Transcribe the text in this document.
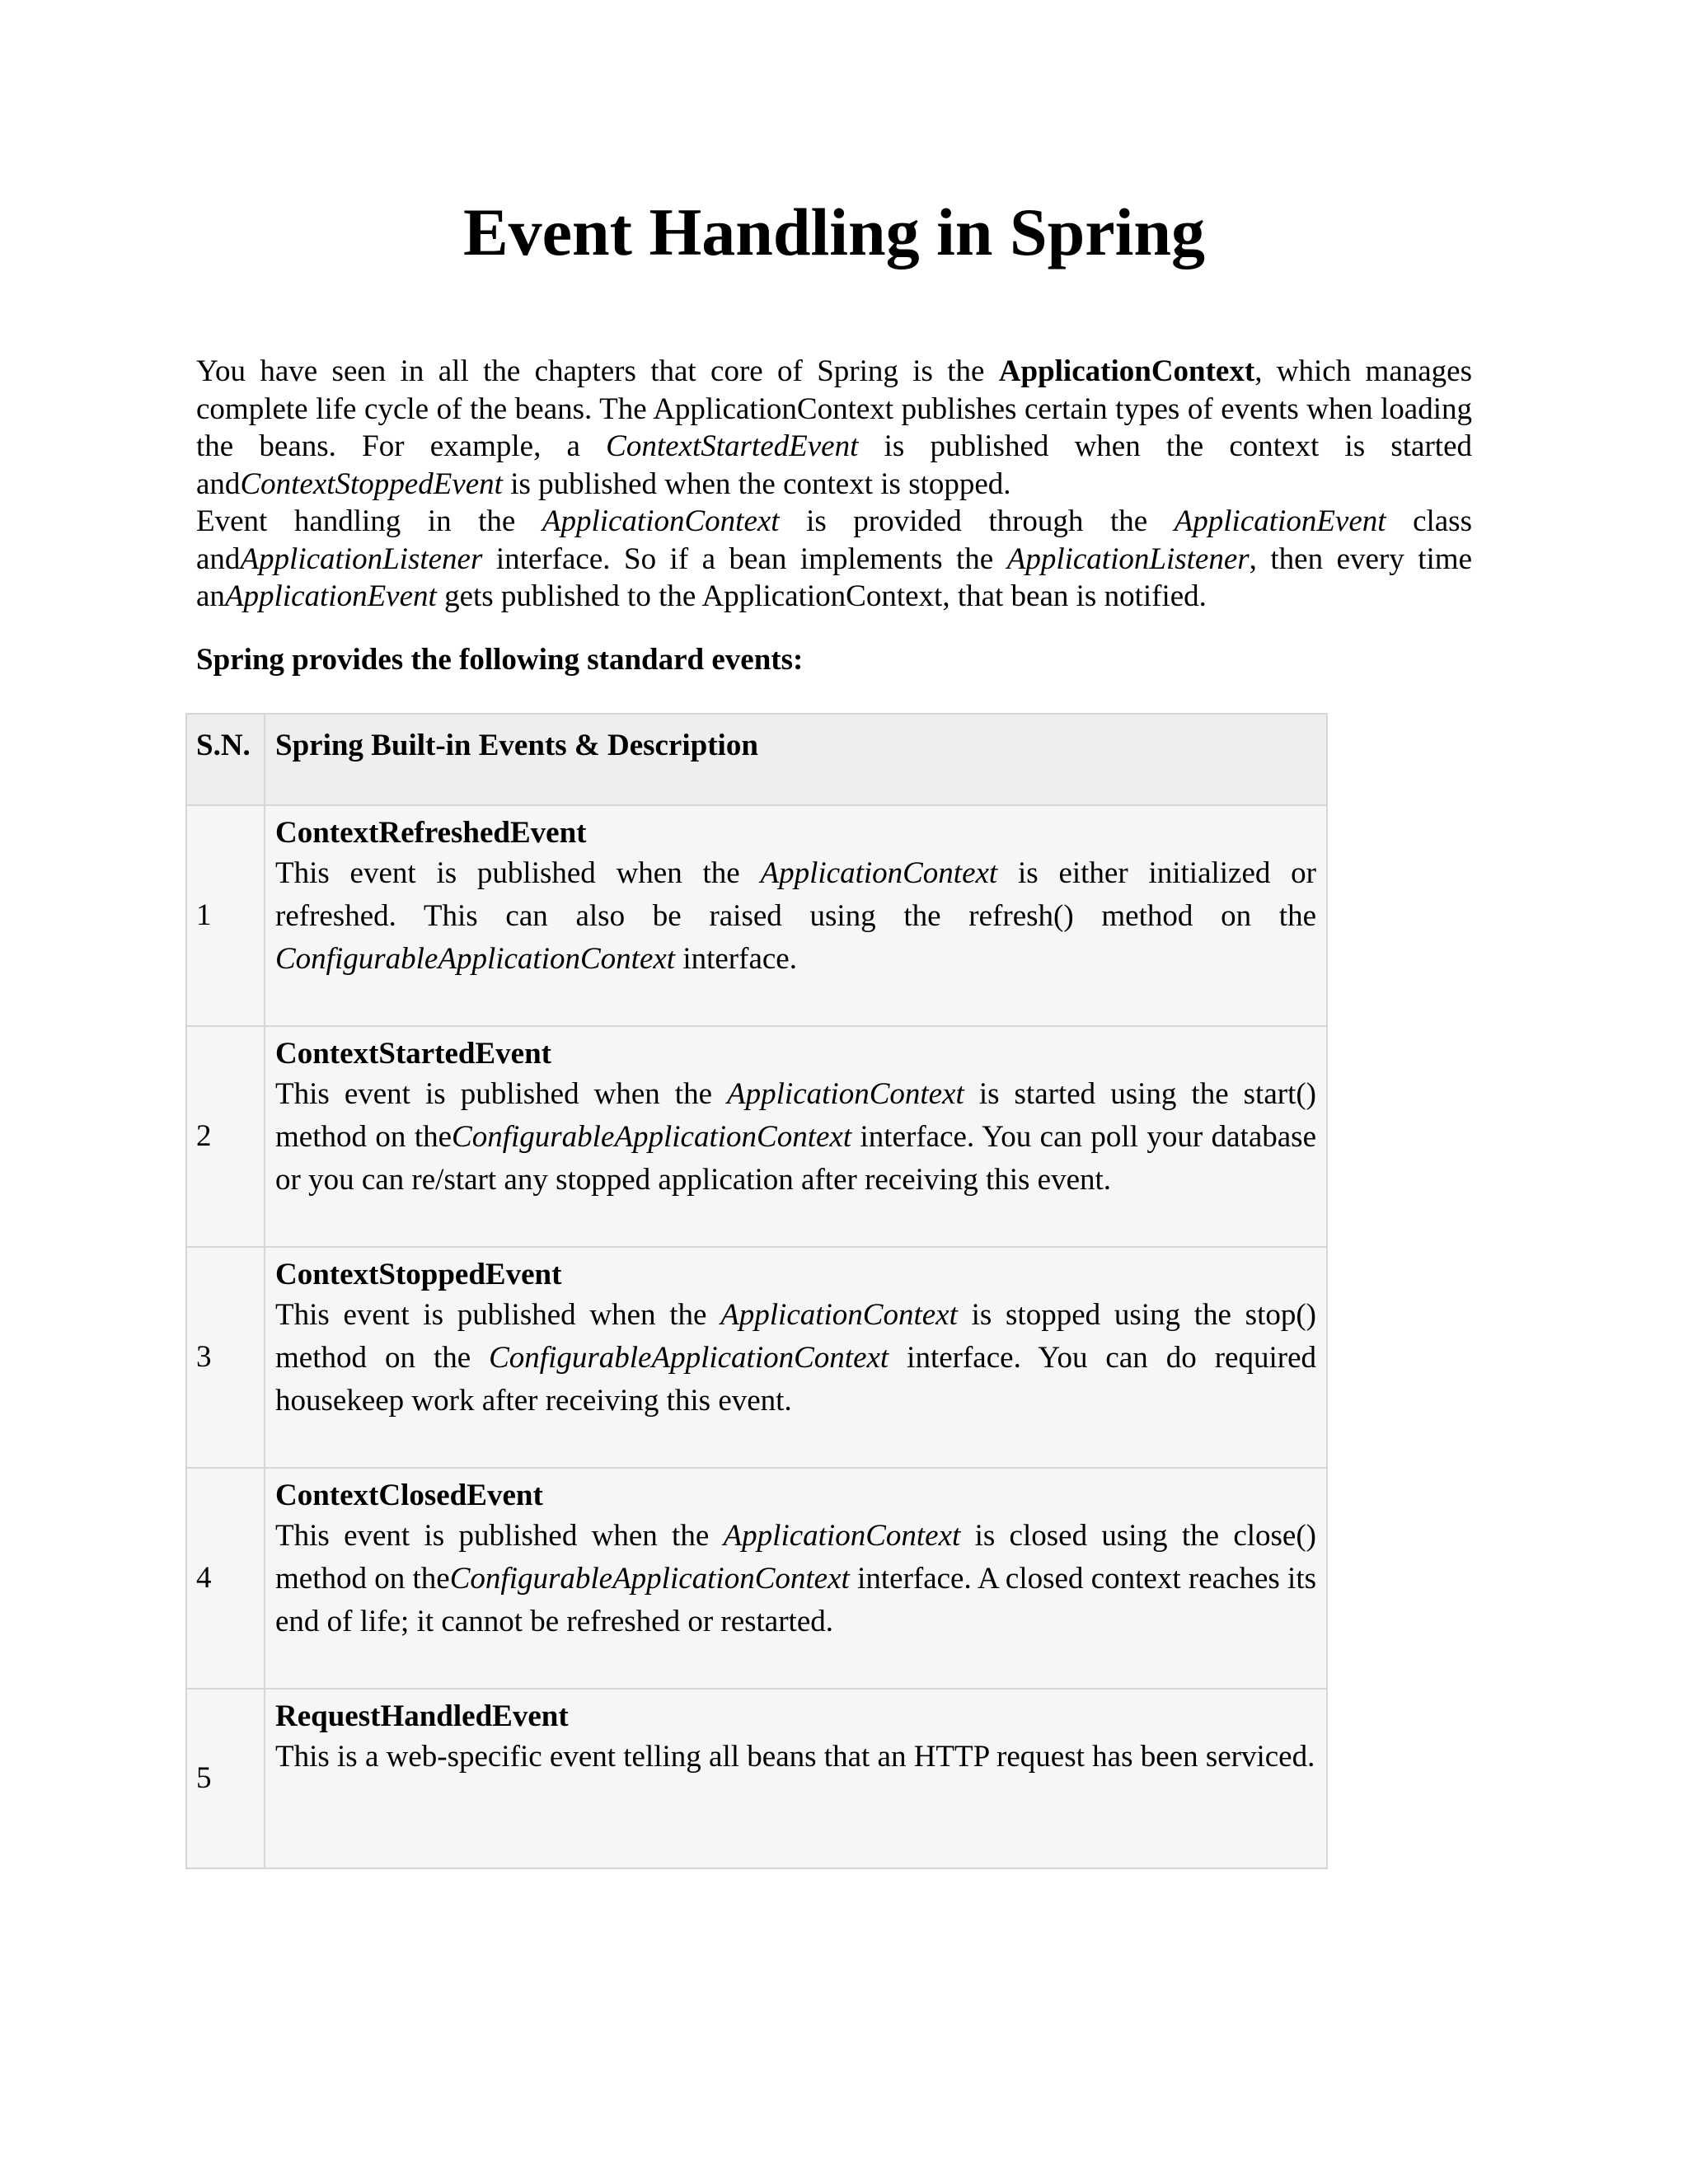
Event Handling in Spring

You have seen in all the chapters that core of Spring is the ApplicationContext, which manages complete life cycle of the beans. The ApplicationContext publishes certain types of events when loading the beans. For example, a ContextStartedEvent is published when the context is started andContextStoppedEvent is published when the context is stopped.

Event handling in the ApplicationContext is provided through the ApplicationEvent class andApplicationListener interface. So if a bean implements the ApplicationListener, then every time anApplicationEvent gets published to the ApplicationContext, that bean is notified.

Spring provides the following standard events:
S.N.	Spring Built-in Events & Description
1	ContextRefreshedEvent
This event is published when the ApplicationContext is either initialized or refreshed. This can also be raised using the refresh() method on the ConfigurableApplicationContext interface.

2	ContextStartedEvent
This event is published when the ApplicationContext is started using the start() method on theConfigurableApplicationContext interface. You can poll your database or you can re/start any stopped application after receiving this event.

3	ContextStoppedEvent
This event is published when the ApplicationContext is stopped using the stop() method on the ConfigurableApplicationContext interface. You can do required housekeep work after receiving this event.

4	ContextClosedEvent
This event is published when the ApplicationContext is closed using the close() method on theConfigurableApplicationContext interface. A closed context reaches its end of life; it cannot be refreshed or restarted.

5	RequestHandledEvent
This is a web-specific event telling all beans that an HTTP request has been serviced.
